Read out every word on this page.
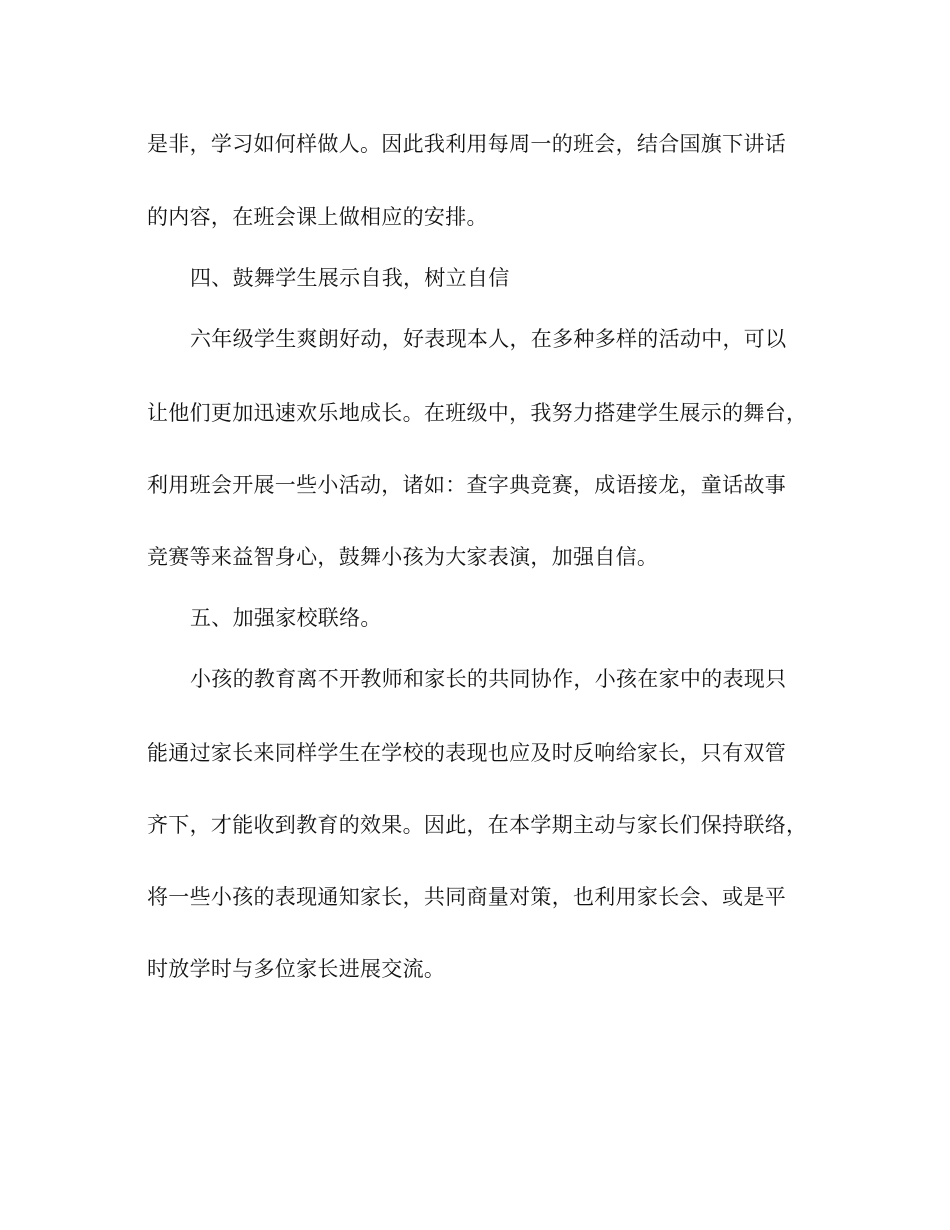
是非，学习如何样做人。因此我利用每周一的班会，结合国旗下讲话
的内容，在班会课上做相应的安排。
四、鼓舞学生展示自我，树立自信
六年级学生爽朗好动，好表现本人，在多种多样的活动中，可以
让他们更加迅速欢乐地成长。在班级中，我努力搭建学生展示的舞台，
利用班会开展一些小活动，诸如：查字典竞赛，成语接龙，童话故事
竞赛等来益智身心，鼓舞小孩为大家表演，加强自信。
五、加强家校联络。
小孩的教育离不开教师和家长的共同协作，小孩在家中的表现只
能通过家长来同样学生在学校的表现也应及时反响给家长，只有双管
齐下，才能收到教育的效果。因此，在本学期主动与家长们保持联络，
将一些小孩的表现通知家长，共同商量对策，也利用家长会、或是平
时放学时与多位家长进展交流。
